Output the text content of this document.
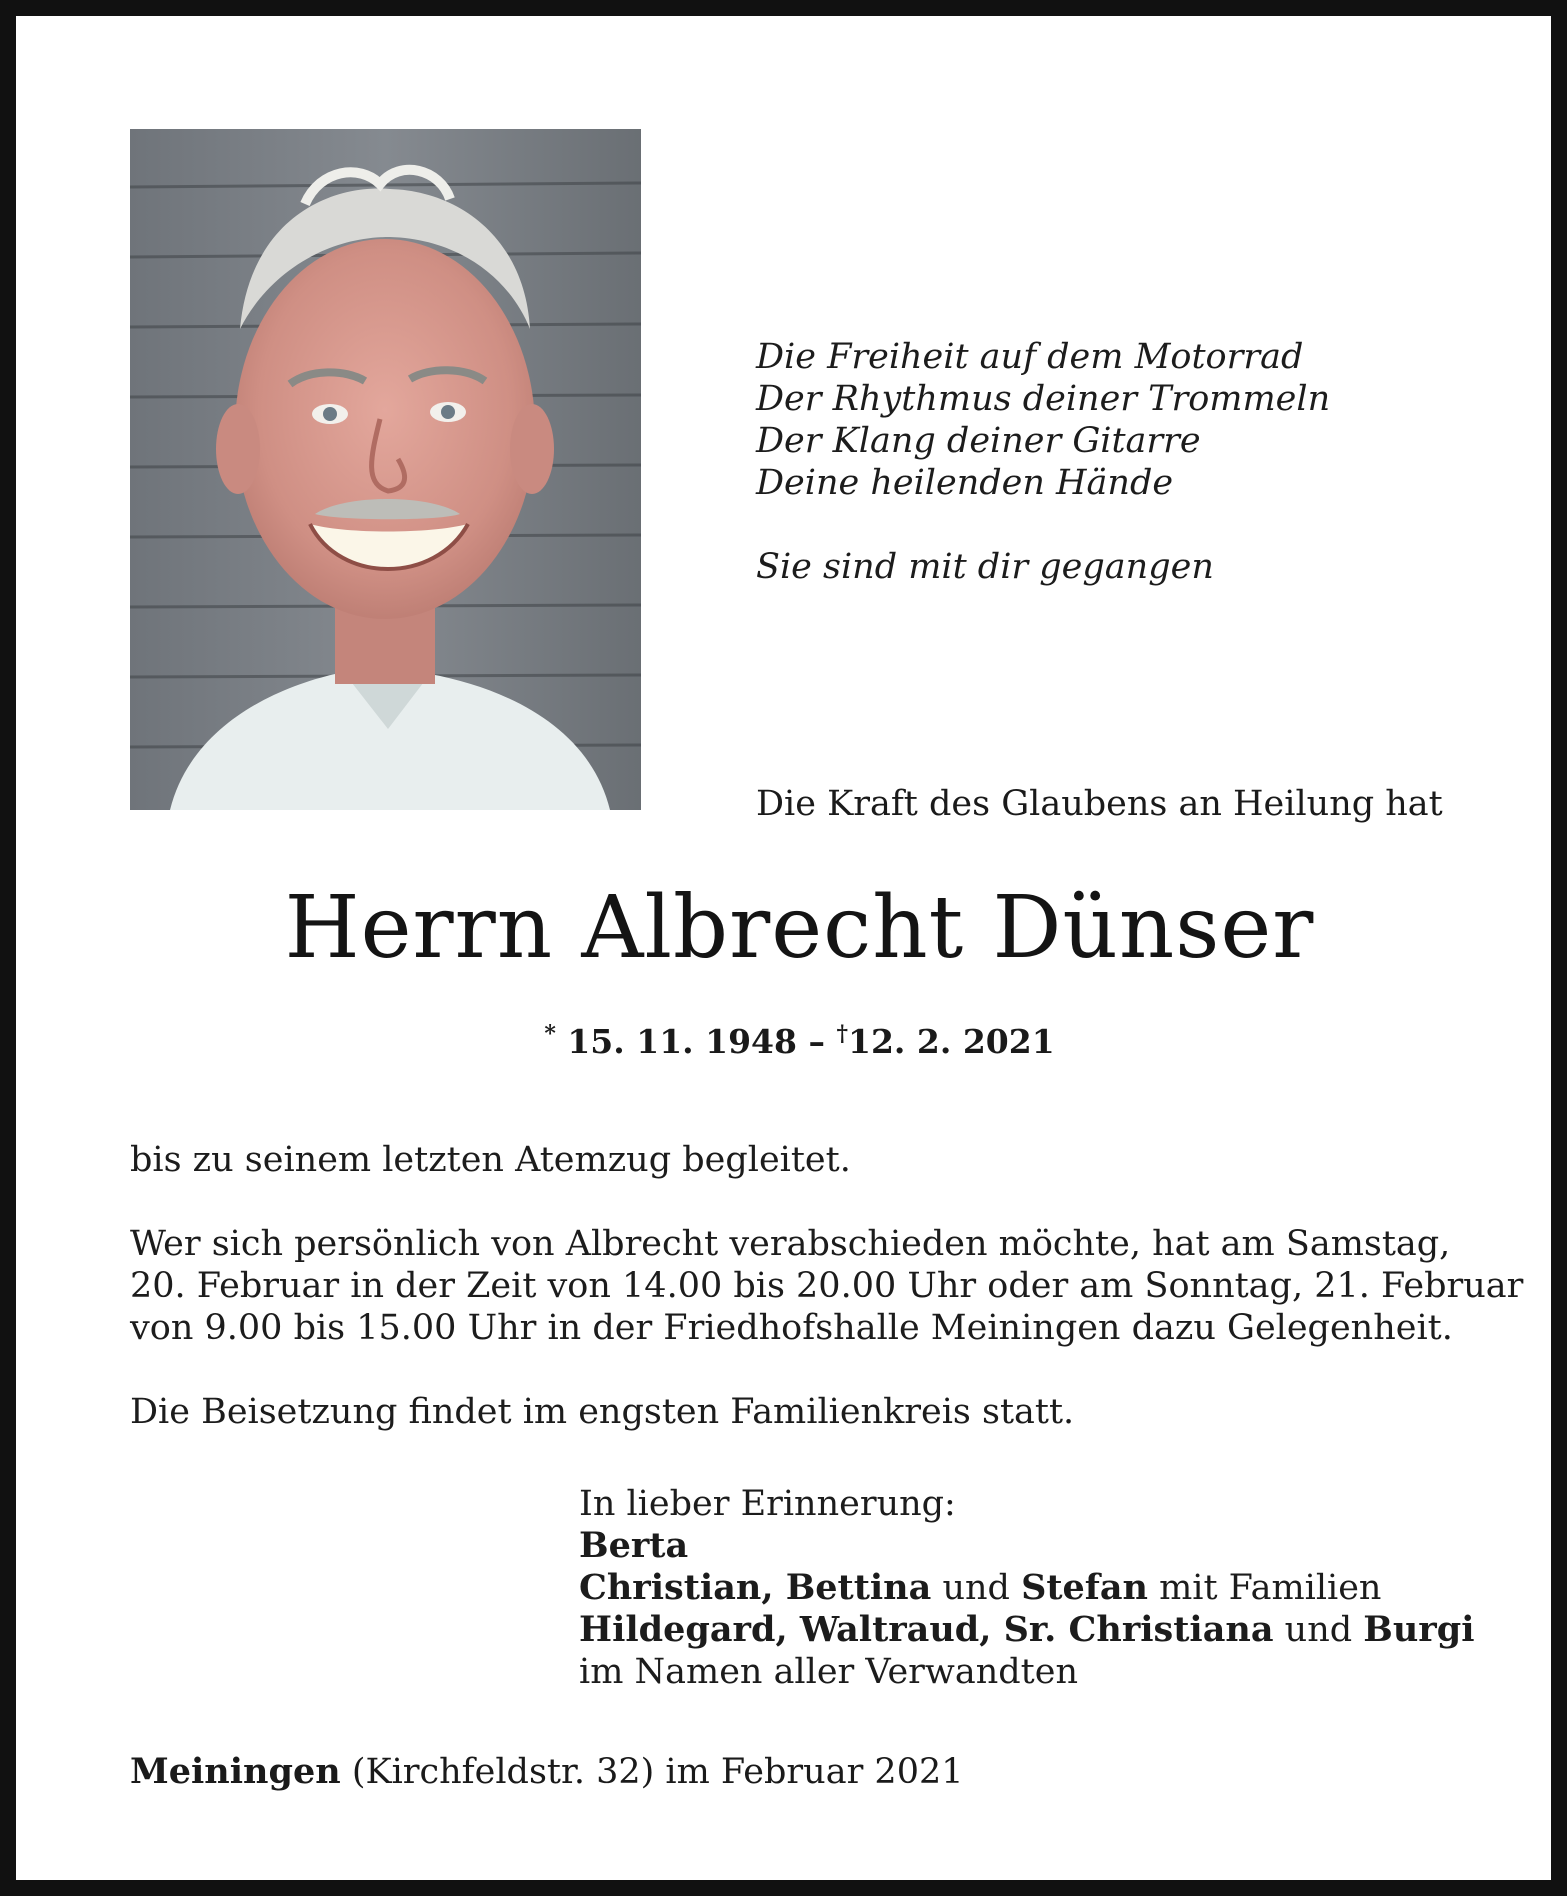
Die Freiheit auf dem Motorrad
Der Rhythmus deiner Trommeln
Der Klang deiner Gitarre
Deine heilenden Hände
Sie sind mit dir gegangen
Die Kraft des Glaubens an Heilung hat
Herrn Albrecht Dünser
* 15. 11. 1948 – †12. 2. 2021
bis zu seinem letzten Atemzug begleitet.
Wer sich persönlich von Albrecht verabschieden möchte, hat am Samstag,
20. Februar in der Zeit von 14.00 bis 20.00 Uhr oder am Sonntag, 21. Februar
von 9.00 bis 15.00 Uhr in der Friedhofshalle Meiningen dazu Gelegenheit.
Die Beisetzung findet im engsten Familienkreis statt.
In lieber Erinnerung:
Berta
Christian, Bettina und Stefan mit Familien
Hildegard, Waltraud, Sr. Christiana und Burgi
im Namen aller Verwandten
Meiningen (Kirchfeldstr. 32) im Februar 2021
